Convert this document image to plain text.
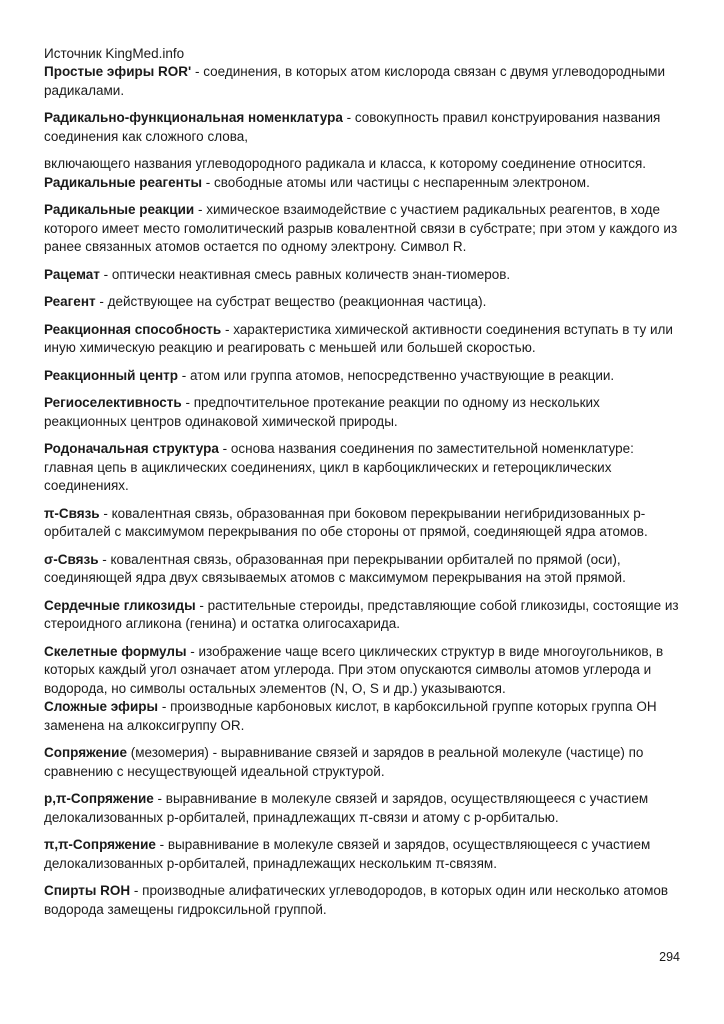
Источник KingMed.info

Простые эфиры ROR' - соединения, в которых атом кислорода связан с двумя углеводородными радикалами.

Радикально-функциональная номенклатура - совокупность правил конструирования названия соединения как сложного слова,

включающего названия углеводородного радикала и класса, к которому соединение относится.

Радикальные реагенты - свободные атомы или частицы с неспаренным электроном.

Радикальные реакции - химическое взаимодействие с участием радикальных реагентов, в ходе которого имеет место гомолитический разрыв ковалентной связи в субстрате; при этом у каждого из ранее связанных атомов остается по одному электрону. Символ R.

Рацемат - оптически неактивная смесь равных количеств энан-тиомеров.

Реагент - действующее на субстрат вещество (реакционная частица).

Реакционная способность - характеристика химической активности соединения вступать в ту или иную химическую реакцию и реагировать с меньшей или большей скоростью.

Реакционный центр - атом или группа атомов, непосредственно участвующие в реакции.

Региоселективность - предпочтительное протекание реакции по одному из нескольких реакционных центров одинаковой химической природы.

Родоначальная структура - основа названия соединения по заместительной номенклатуре: главная цепь в ациклических соединениях, цикл в карбоциклических и гетероциклических соединениях.

π-Связь - ковалентная связь, образованная при боковом перекрывании негибридизованных р-орбиталей с максимумом перекрывания по обе стороны от прямой, соединяющей ядра атомов.

σ-Связь - ковалентная связь, образованная при перекрывании орбиталей по прямой (оси), соединяющей ядра двух связываемых атомов с максимумом перекрывания на этой прямой.

Сердечные гликозиды - растительные стероиды, представляющие собой гликозиды, состоящие из стероидного агликона (генина) и остатка олигосахарида.

Скелетные формулы - изображение чаще всего циклических структур в виде многоугольников, в которых каждый угол означает атом углерода. При этом опускаются символы атомов углерода и водорода, но символы остальных элементов (N, O, S и др.) указываются.

Сложные эфиры - производные карбоновых кислот, в карбоксильной группе которых группа ОН заменена на алкоксигруппу OR.

Сопряжение (мезомерия) - выравнивание связей и зарядов в реальной молекуле (частице) по сравнению с несуществующей идеальной структурой.

р,π-Сопряжение - выравнивание в молекуле связей и зарядов, осуществляющееся с участием делокализованных р-орбиталей, принадлежащих π-связи и атому с р-орбиталью.

π,π-Сопряжение - выравнивание в молекуле связей и зарядов, осуществляющееся с участием делокализованных р-орбиталей, принадлежащих нескольким π-связям.

Спирты ROH - производные алифатических углеводородов, в которых один или несколько атомов водорода замещены гидроксильной группой.

294
